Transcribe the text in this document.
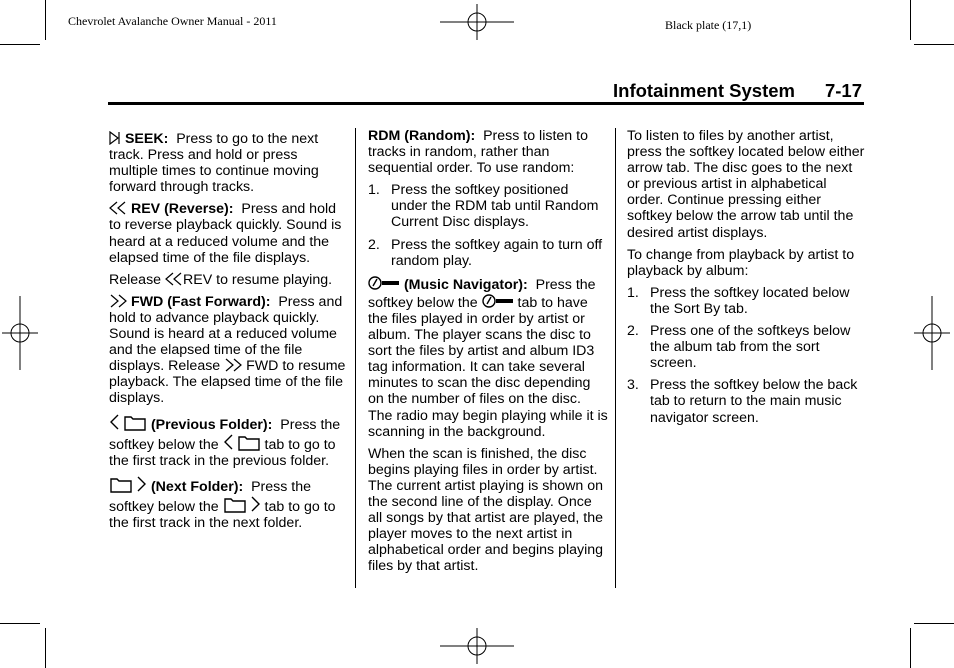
Chevrolet Avalanche Owner Manual - 2011	Black plate (17,1)
Infotainment System 7-17

SEEK: Press to go to the next track. Press and hold or press multiple times to continue moving forward through tracks.

REV (Reverse): Press and hold to reverse playback quickly. Sound is heard at a reduced volume and the elapsed time of the file displays.

Release REV to resume playing.

FWD (Fast Forward): Press and hold to advance playback quickly. Sound is heard at a reduced volume and the elapsed time of the file displays. Release FWD to resume playback. The elapsed time of the file displays.

(Previous Folder): Press the softkey below the	tab to go to the first track in the previous folder.

(Next Folder): Press the softkey below the	tab to go to the first track in the next folder.

RDM (Random): Press to listen to tracks in random, rather than sequential order. To use random:

1. Press the softkey positioned under the RDM tab until Random Current Disc displays.
2. Press the softkey again to turn off random play.

(Music Navigator): Press the softkey below the	tab to have the files played in order by artist or album. The player scans the disc to sort the files by artist and album ID3 tag information. It can take several minutes to scan the disc depending on the number of files on the disc. The radio may begin playing while it is scanning in the background.

When the scan is finished, the disc begins playing files in order by artist. The current artist playing is shown on the second line of the display. Once all songs by that artist are played, the player moves to the next artist in alphabetical order and begins playing files by that artist.

To listen to files by another artist, press the softkey located below either arrow tab. The disc goes to the next or previous artist in alphabetical order. Continue pressing either softkey below the arrow tab until the desired artist displays.

To change from playback by artist to playback by album:

1. Press the softkey located below the Sort By tab.
2. Press one of the softkeys below the album tab from the sort screen.
3. Press the softkey below the back tab to return to the main music navigator screen.
